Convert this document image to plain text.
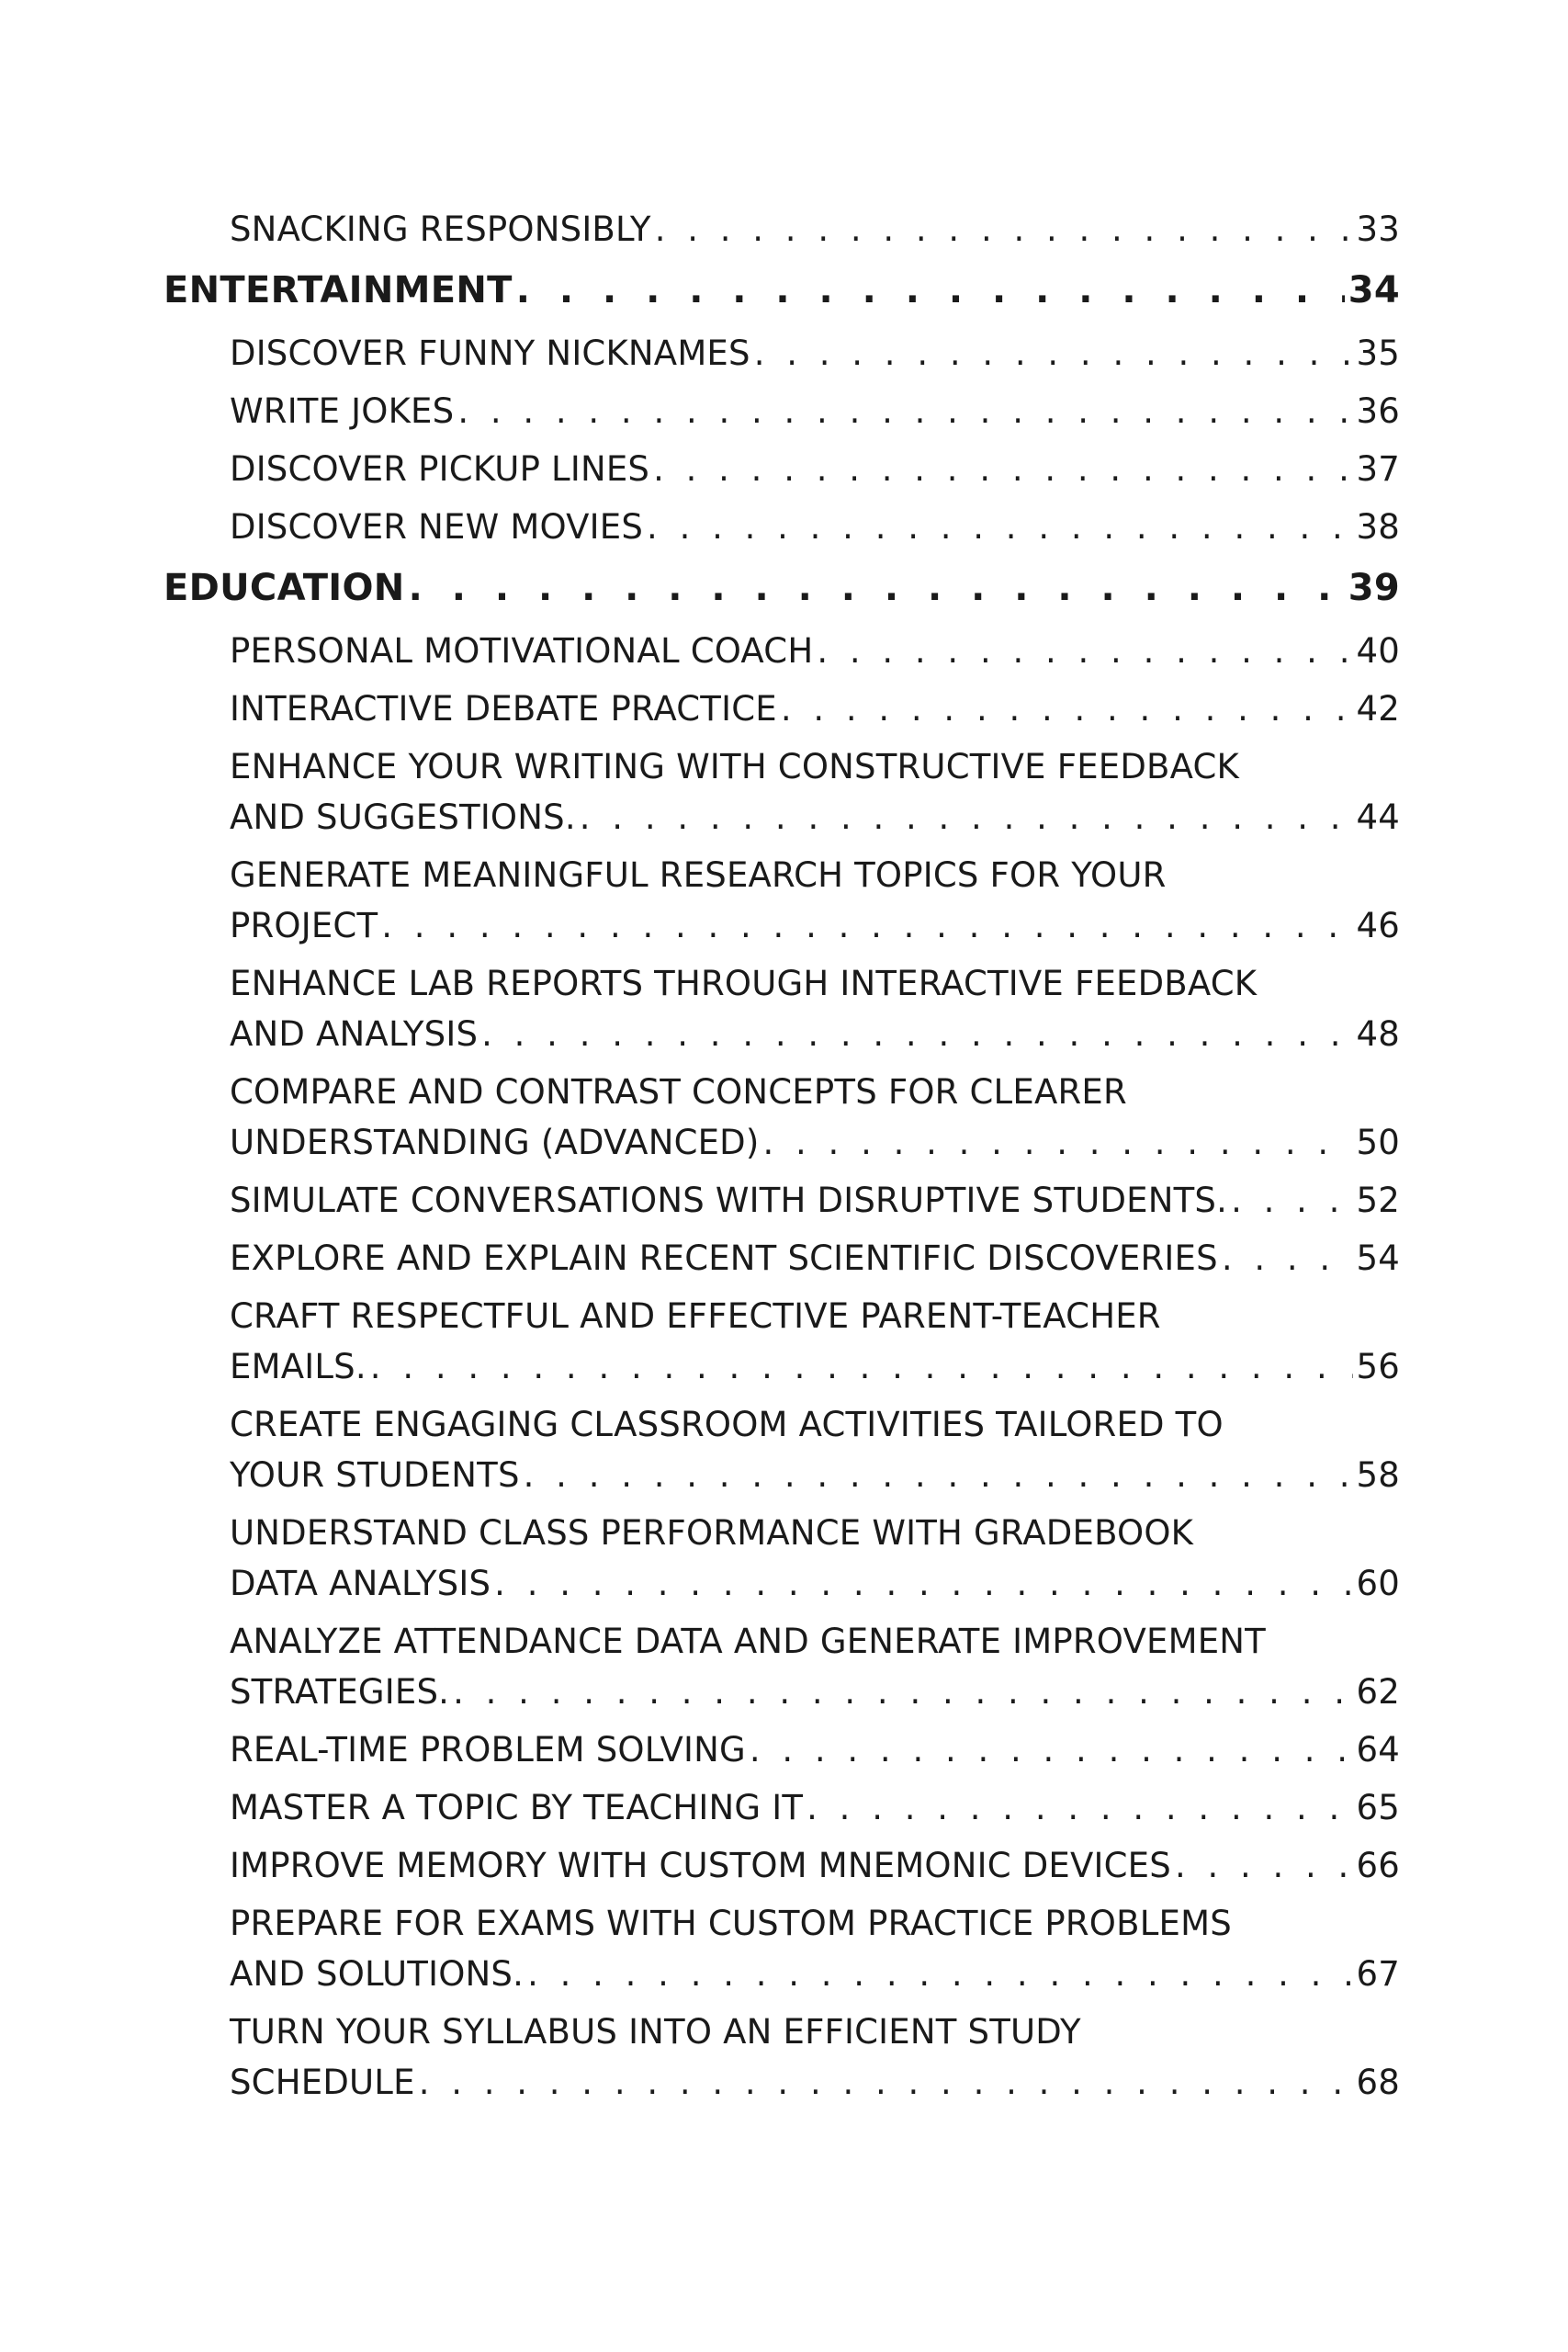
SNACKING RESPONSIBLY . . .	33
ENTERTAINMENT . . .	34
DISCOVER FUNNY NICKNAMES . . .	35
WRITE JOKES . . .	36
DISCOVER PICKUP LINES . . .	37
DISCOVER NEW MOVIES . . .	38
EDUCATION . . .	39
PERSONAL MOTIVATIONAL COACH . . .	40
INTERACTIVE DEBATE PRACTICE . . .	42
ENHANCE YOUR WRITING WITH CONSTRUCTIVE FEEDBACK
AND SUGGESTIONS. . . .	44
GENERATE MEANINGFUL RESEARCH TOPICS FOR YOUR
PROJECT . . .	46
ENHANCE LAB REPORTS THROUGH INTERACTIVE FEEDBACK
AND ANALYSIS . . .	48
COMPARE AND CONTRAST CONCEPTS FOR CLEARER
UNDERSTANDING (ADVANCED) . . .	50
SIMULATE CONVERSATIONS WITH DISRUPTIVE STUDENTS. . . .	52
EXPLORE AND EXPLAIN RECENT SCIENTIFIC DISCOVERIES . . .	54
CRAFT RESPECTFUL AND EFFECTIVE PARENT-TEACHER
EMAILS. . . .	56
CREATE ENGAGING CLASSROOM ACTIVITIES TAILORED TO
YOUR STUDENTS . . .	58
UNDERSTAND CLASS PERFORMANCE WITH GRADEBOOK
DATA ANALYSIS . . .	60
ANALYZE ATTENDANCE DATA AND GENERATE IMPROVEMENT
STRATEGIES. . . .	62
REAL-TIME PROBLEM SOLVING . . .	64
MASTER A TOPIC BY TEACHING IT . . .	65
IMPROVE MEMORY WITH CUSTOM MNEMONIC DEVICES . . .	66
PREPARE FOR EXAMS WITH CUSTOM PRACTICE PROBLEMS
AND SOLUTIONS. . . .	67
TURN YOUR SYLLABUS INTO AN EFFICIENT STUDY
SCHEDULE . . .	68
